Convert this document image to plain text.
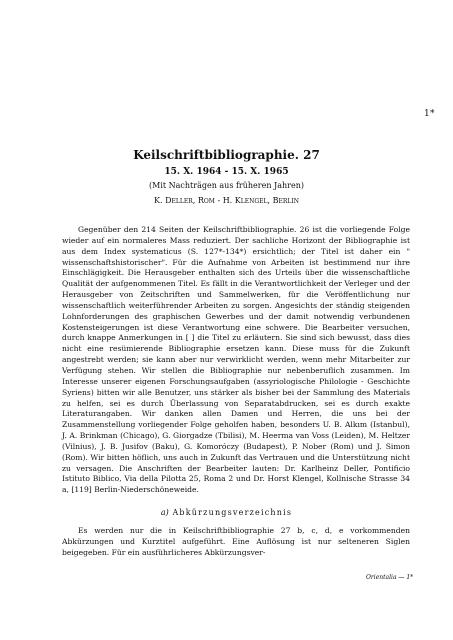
1*
Keilschriftbibliographie. 27
15. X. 1964 - 15. X. 1965
(Mit Nachträgen aus früheren Jahren)
K. Deller, Rom - H. Klengel, Berlin

Gegenüber den 214 Seiten der Keilschriftbibliographie. 26 ist die vorliegende Folge wieder auf ein normaleres Mass reduziert. Der sachliche Horizont der Bibliographie ist aus dem Index systematicus (S. 127*-134*) ersichtlich; der Titel ist daher ein " wissenschaftshistorischer". Für die Aufnahme von Arbeiten ist bestimmend nur ihre Einschlägigkeit. Die Herausgeber enthalten sich des Urteils über die wissenschaftliche Qualität der aufgenommenen Titel. Es fällt in die Verantwortlichkeit der Verleger und der Herausgeber von Zeitschriften und Sammelwerken, für die Veröffentlichung nur wissenschaftlich weiterführender Arbeiten zu sorgen. Angesichts der ständig steigenden Lohnforderungen des graphischen Gewerbes und der damit notwendig verbundenen Kostensteigerungen ist diese Verantwortung eine schwere. Die Bearbeiter versuchen, durch knappe Anmerkungen in [ ] die Titel zu erläutern. Sie sind sich bewusst, dass dies nicht eine resümierende Bibliographie ersetzen kann. Diese muss für die Zukunft angestrebt werden; sie kann aber nur verwirklicht werden, wenn mehr Mitarbeiter zur Verfügung stehen. Wir stellen die Bibliographie nur nebenberuflich zusammen. Im Interesse unserer eigenen Forschungsaufgaben (assyriologische Philologie - Geschichte Syriens) bitten wir alle Benutzer, uns stärker als bisher bei der Sammlung des Materials zu helfen, sei es durch Überlassung von Separatabdrucken, sei es durch exakte Literaturangaben. Wir danken allen Damen und Herren, die uns bei der Zusammenstellung vorliegender Folge geholfen haben, besonders U. B. Alkım (Istanbul), J. A. Brinkman (Chicago), G. Giorgadze (Tbilisi), M. Heerma van Voss (Leiden), M. Heltzer (Vilnius), J. B. Jusifov (Baku), G. Komoróczy (Budapest), P. Nober (Rom) und J. Simon (Rom). Wir bitten höflich, uns auch in Zukunft das Vertrauen und die Unterstützung nicht zu versagen. Die Anschriften der Bearbeiter lauten: Dr. Karlheinz Deller, Pontificio Istituto Biblico, Via della Pilotta 25, Roma 2 und Dr. Horst Klengel, Kollnische Strasse 34 a, [119] Berlin-Niederschöneweide.

a) Abkürzungsverzeichnis

Es werden nur die in Keilschriftbibliographie 27 b, c, d, e vorkommenden Abkürzungen und Kurztitel aufgeführt. Eine Auflösung ist nur selteneren Siglen beigegeben. Für ein ausführlicheres Abkürzungsver-

Orientalia — 1*
